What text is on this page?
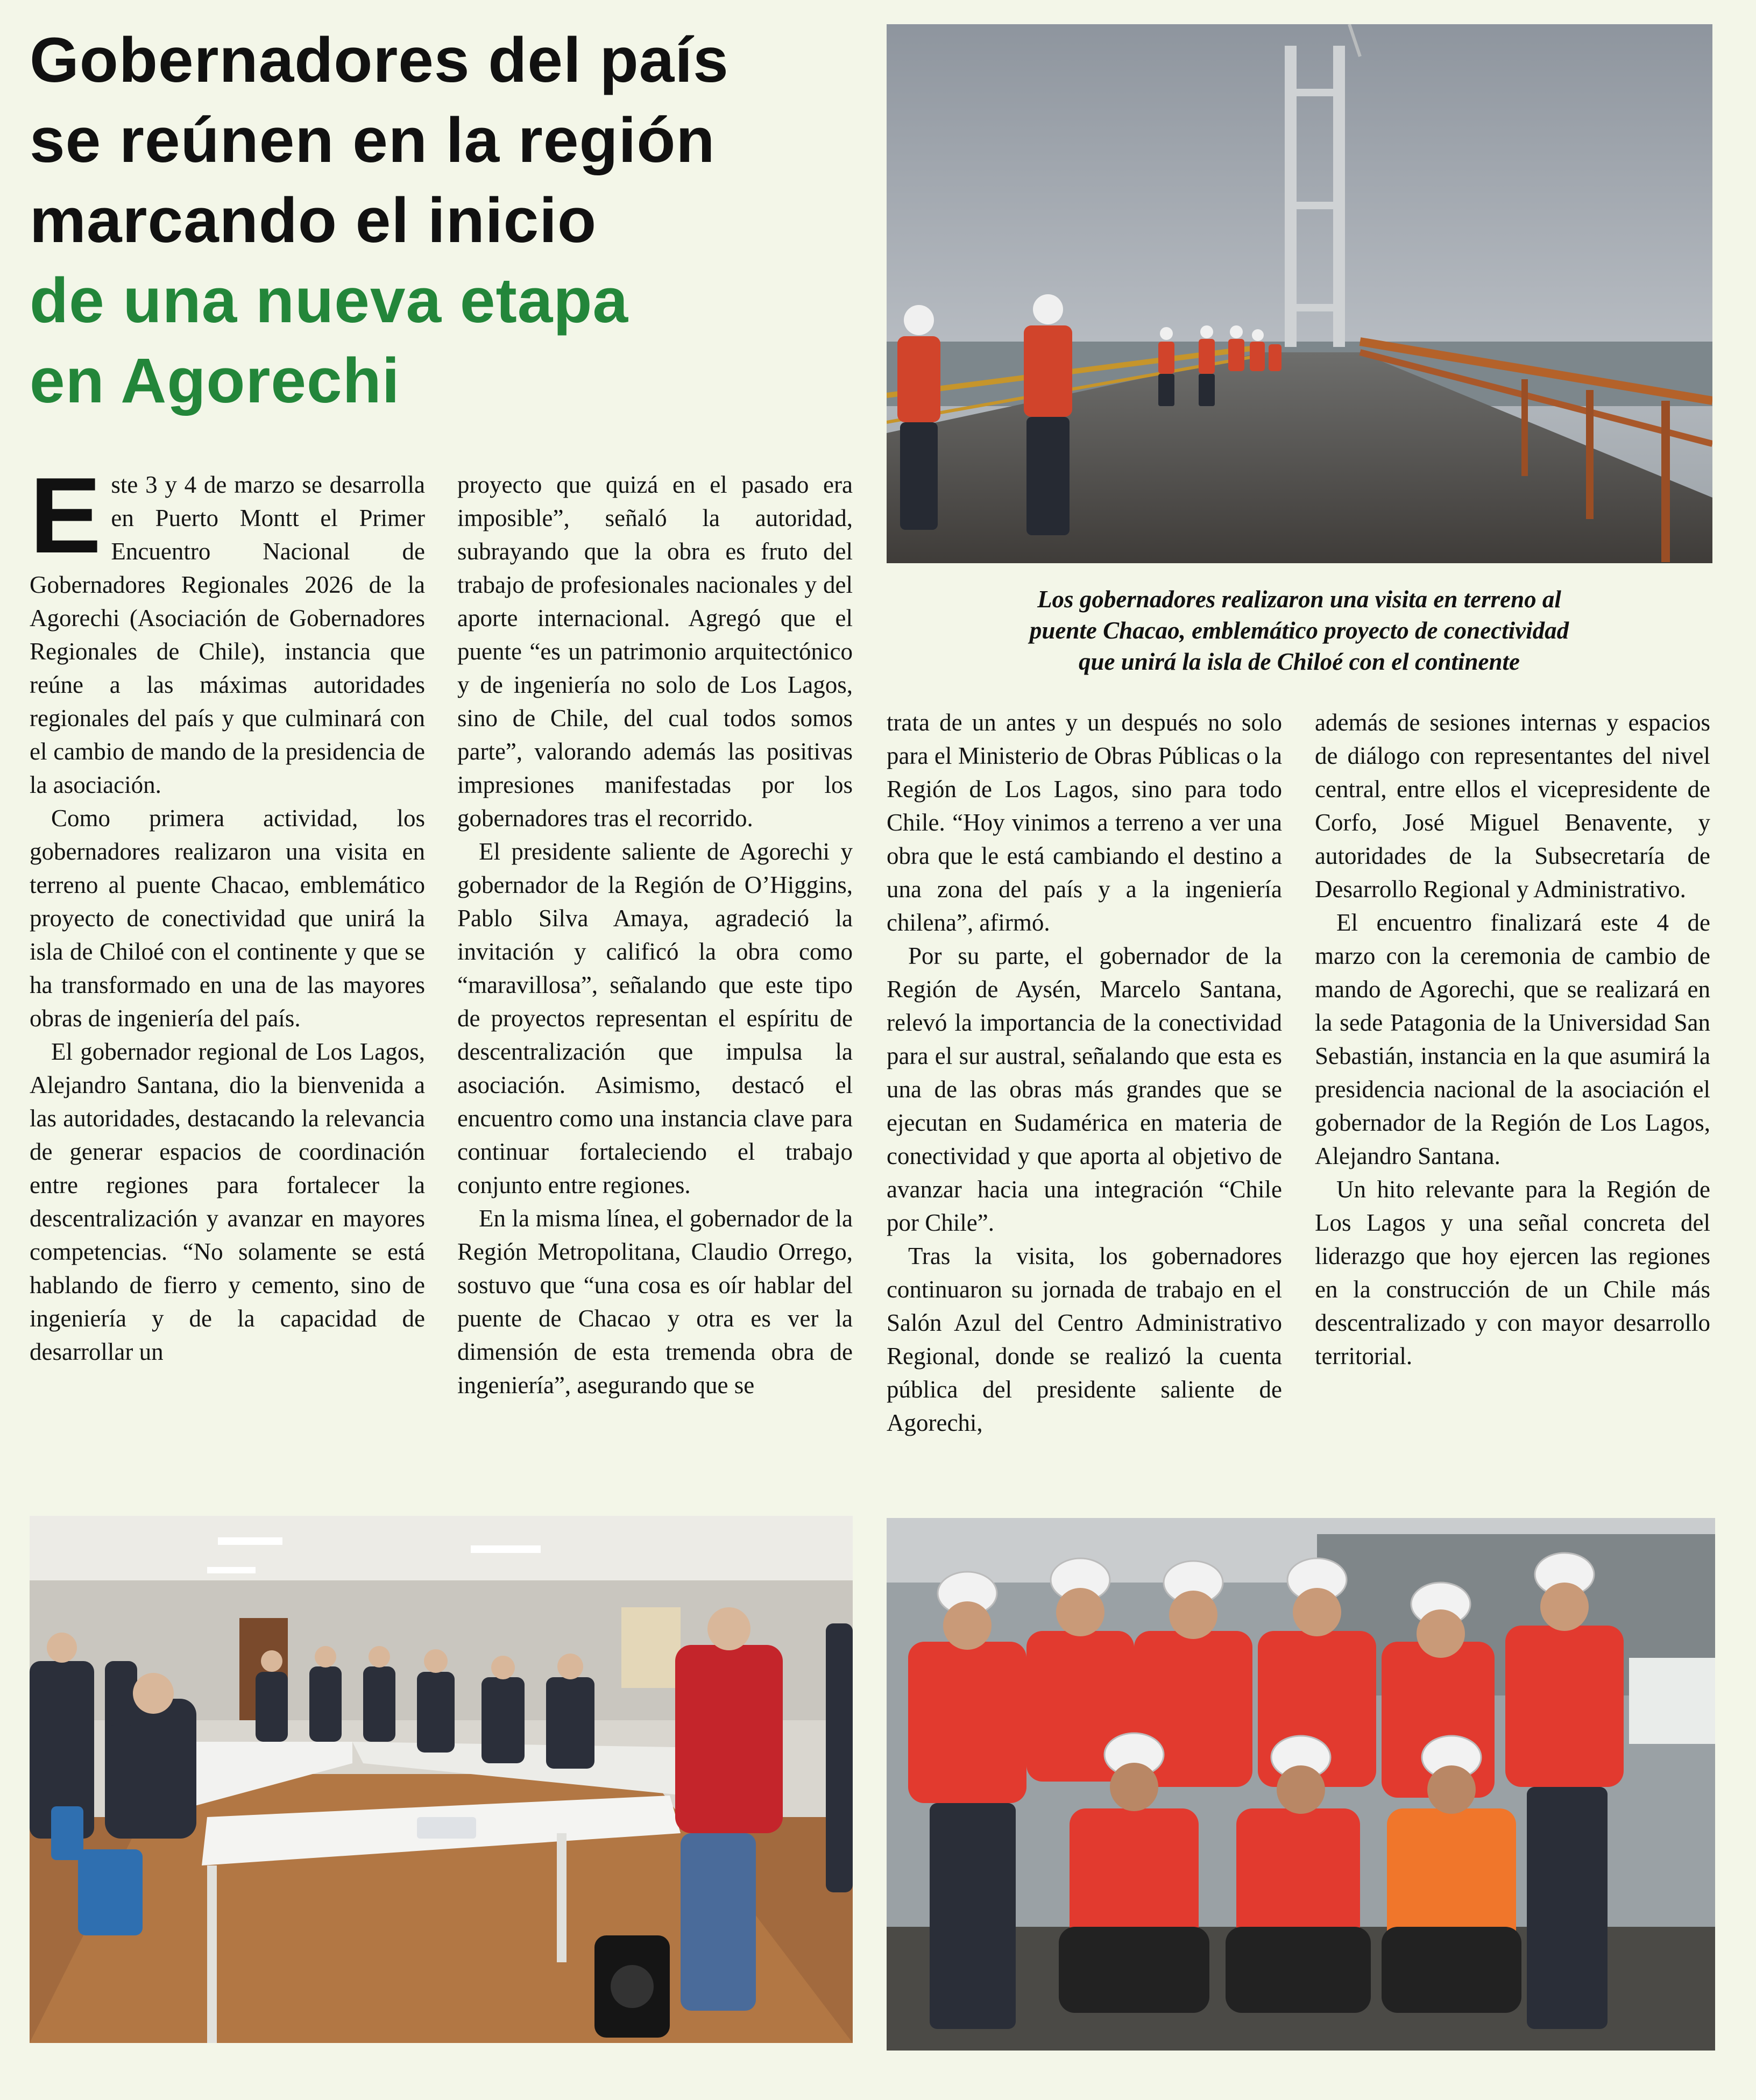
Gobernadores del país
se reúnen en la región
marcando el inicio
de una nueva etapa
en Agorechi
Los gobernadores realizaron una visita en terreno al
puente Chacao, emblemático proyecto de conectividad
que unirá la isla de Chiloé con el continente

Este 3 y 4 de marzo se desarrolla en Puerto Montt el Primer Encuentro Nacional de Gobernadores Regionales 2026 de la Agorechi (Asociación de Gobernadores Regionales de Chile), instancia que reúne a las máximas autoridades regionales del país y que culminará con el cambio de mando de la presidencia de la asociación.

Como primera actividad, los gobernadores realizaron una visita en terreno al puente Chacao, emblemático proyecto de conectividad que unirá la isla de Chiloé con el continente y que se ha transformado en una de las mayores obras de ingeniería del país.

El gobernador regional de Los Lagos, Alejandro Santana, dio la bienvenida a las autoridades, destacando la relevancia de generar espacios de coordinación entre regiones para fortalecer la descentralización y avanzar en mayores competencias. “No solamente se está hablando de fierro y cemento, sino de ingeniería y de la capacidad de desarrollar un

proyecto que quizá en el pasado era imposible”, señaló la autoridad, subrayando que la obra es fruto del trabajo de profesionales nacionales y del aporte internacional. Agregó que el puente “es un patrimonio arquitectónico y de ingeniería no solo de Los Lagos, sino de Chile, del cual todos somos parte”, valorando además las positivas impresiones manifestadas por los gobernadores tras el recorrido.

El presidente saliente de Agorechi y gobernador de la Región de O’Higgins, Pablo Silva Amaya, agradeció la invitación y calificó la obra como “maravillosa”, señalando que este tipo de proyectos representan el espíritu de descentralización que impulsa la asociación. Asimismo, destacó el encuentro como una instancia clave para continuar fortaleciendo el trabajo conjunto entre regiones.

En la misma línea, el gobernador de la Región Metropolitana, Claudio Orrego, sostuvo que “una cosa es oír hablar del puente de Chacao y otra es ver la dimensión de esta tremenda obra de ingeniería”, asegurando que se

trata de un antes y un después no solo para el Ministerio de Obras Públicas o la Región de Los Lagos, sino para todo Chile. “Hoy vinimos a terreno a ver una obra que le está cambiando el destino a una zona del país y a la ingeniería chilena”, afirmó.

Por su parte, el gobernador de la Región de Aysén, Marcelo Santana, relevó la importancia de la conectividad para el sur austral, señalando que esta es una de las obras más grandes que se ejecutan en Sudamérica en materia de conectividad y que aporta al objetivo de avanzar hacia una integración “Chile por Chile”.

Tras la visita, los gobernadores continuaron su jornada de trabajo en el Salón Azul del Centro Administrativo Regional, donde se realizó la cuenta pública del presidente saliente de Agorechi,

además de sesiones internas y espacios de diálogo con representantes del nivel central, entre ellos el vicepresidente de Corfo, José Miguel Benavente, y autoridades de la Subsecretaría de Desarrollo Regional y Administrativo.

El encuentro finalizará este 4 de marzo con la ceremonia de cambio de mando de Agorechi, que se realizará en la sede Patagonia de la Universidad San Sebastián, instancia en la que asumirá la presidencia nacional de la asociación el gobernador de la Región de Los Lagos, Alejandro Santana.

Un hito relevante para la Región de Los Lagos y una señal concreta del liderazgo que hoy ejercen las regiones en la construcción de un Chile más descentralizado y con mayor desarrollo territorial.
